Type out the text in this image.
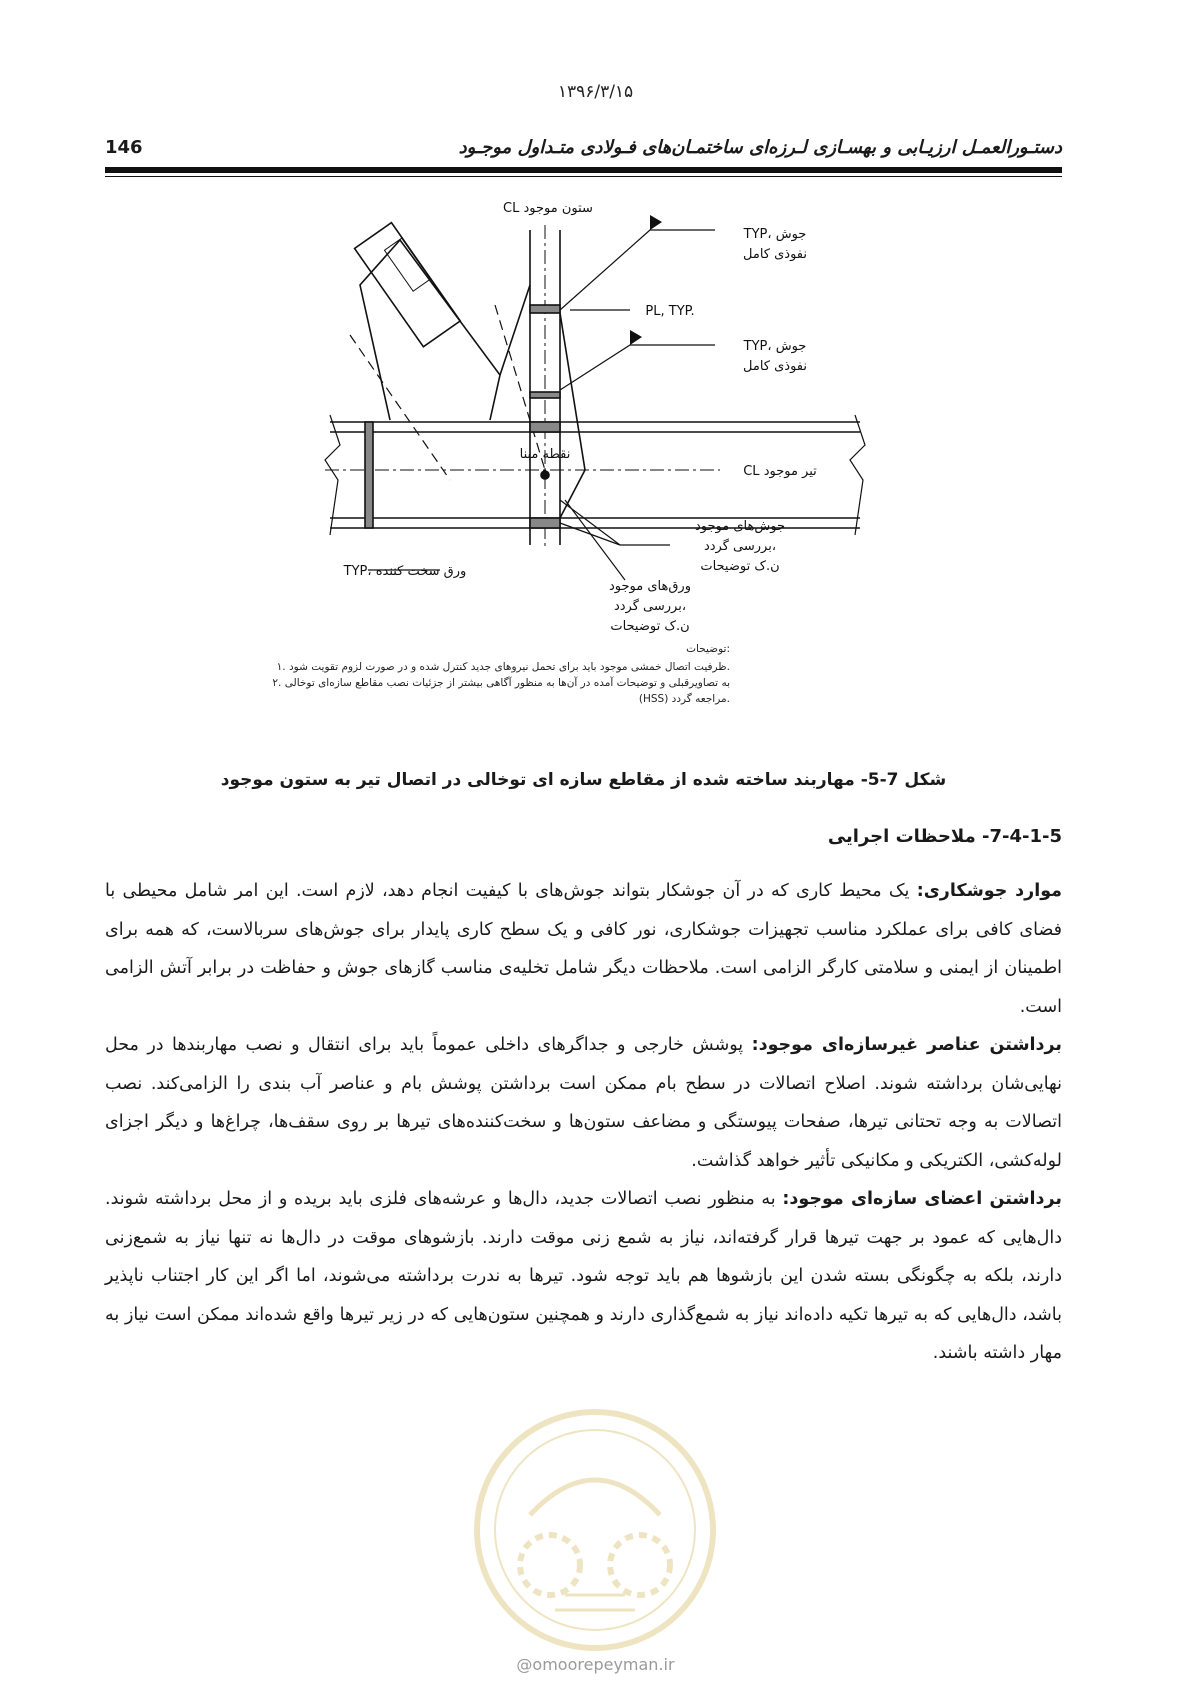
۱۳۹۶/۳/۱۵
146	دستـورالعمـل ارزیـابی و بهسـازی لـرزه‌ای ساختمـان‌های فـولادی متـداول موجـود
CL ستون موجود
TYP، جوش
نفوذی کامل
PL, TYP.
TYP، جوش
نفوذی کامل
نقطه مبنا
CL تیر موجود
جوش‌های موجود
بررسی گردد،
ن.ک توضیحات
TYP، ورق سخت کننده
ورق‌های موجود
بررسی گردد،
ن.ک توضیحات
توضیحات:
۱. ظرفیت اتصال خمشی موجود باید برای تحمل نیروهای جدید کنترل شده و در صورت لزوم تقویت شود.
۲. به تصاویرقبلی و توضیحات آمده در آن‌ها به منظور آگاهی بیشتر از جزئیات نصب مقاطع سازه‌ای توخالی
(HSS) مراجعه گردد.
شکل 7-5- مهاربند ساخته شده از مقاطع سازه ای توخالی در اتصال تیر به ستون موجود
7-4-1-5- ملاحظات اجرایی

موارد جوشکاری: یک محیط کاری که در آن جوشکار بتواند جوش‌های با کیفیت انجام دهد، لازم است. این امر شامل محیطی با فضای کافی برای عملکرد مناسب تجهیزات جوشکاری، نور کافی و یک سطح کاری پایدار برای جوش‌های سربالاست، که همه برای اطمینان از ایمنی و سلامتی کارگر الزامی است. ملاحظات دیگر شامل تخلیه‌ی مناسب گازهای جوش و حفاظت در برابر آتش الزامی است.

برداشتن عناصر غیرسازه‌ای موجود: پوشش خارجی و جداگرهای داخلی عموماً باید برای انتقال و نصب مهاربندها در محل نهایی‌شان برداشته شوند. اصلاح اتصالات در سطح بام ممکن است برداشتن پوشش بام و عناصر آب بندی را الزامی‌کند. نصب اتصالات به وجه تحتانی تیرها، صفحات پیوستگی و مضاعف ستون‌ها و سخت‌کننده‌های تیرها بر روی سقف‌ها، چراغ‌ها و دیگر اجزای لوله‌کشی، الکتریکی و مکانیکی تأثیر خواهد گذاشت.

برداشتن اعضای سازه‌ای موجود: به منظور نصب اتصالات جدید، دال‌ها و عرشه‌های فلزی باید بریده و از محل برداشته شوند. دال‌هایی که عمود بر جهت تیرها قرار گرفته‌اند، نیاز به شمع زنی موقت دارند. بازشوهای موقت در دال‌ها نه تنها نیاز به شمع‌زنی دارند، بلکه به چگونگی بسته شدن این بازشوها هم باید توجه شود. تیرها به ندرت برداشته می‌شوند، اما اگر این کار اجتناب ناپذیر باشد، دال‌هایی که به تیرها تکیه داده‌اند نیاز به شمع‌گذاری دارند و همچنین ستون‌هایی که در زیر تیرها واقع شده‌اند ممکن است نیاز به مهار داشته باشند.

@omoorepeyman.ir
